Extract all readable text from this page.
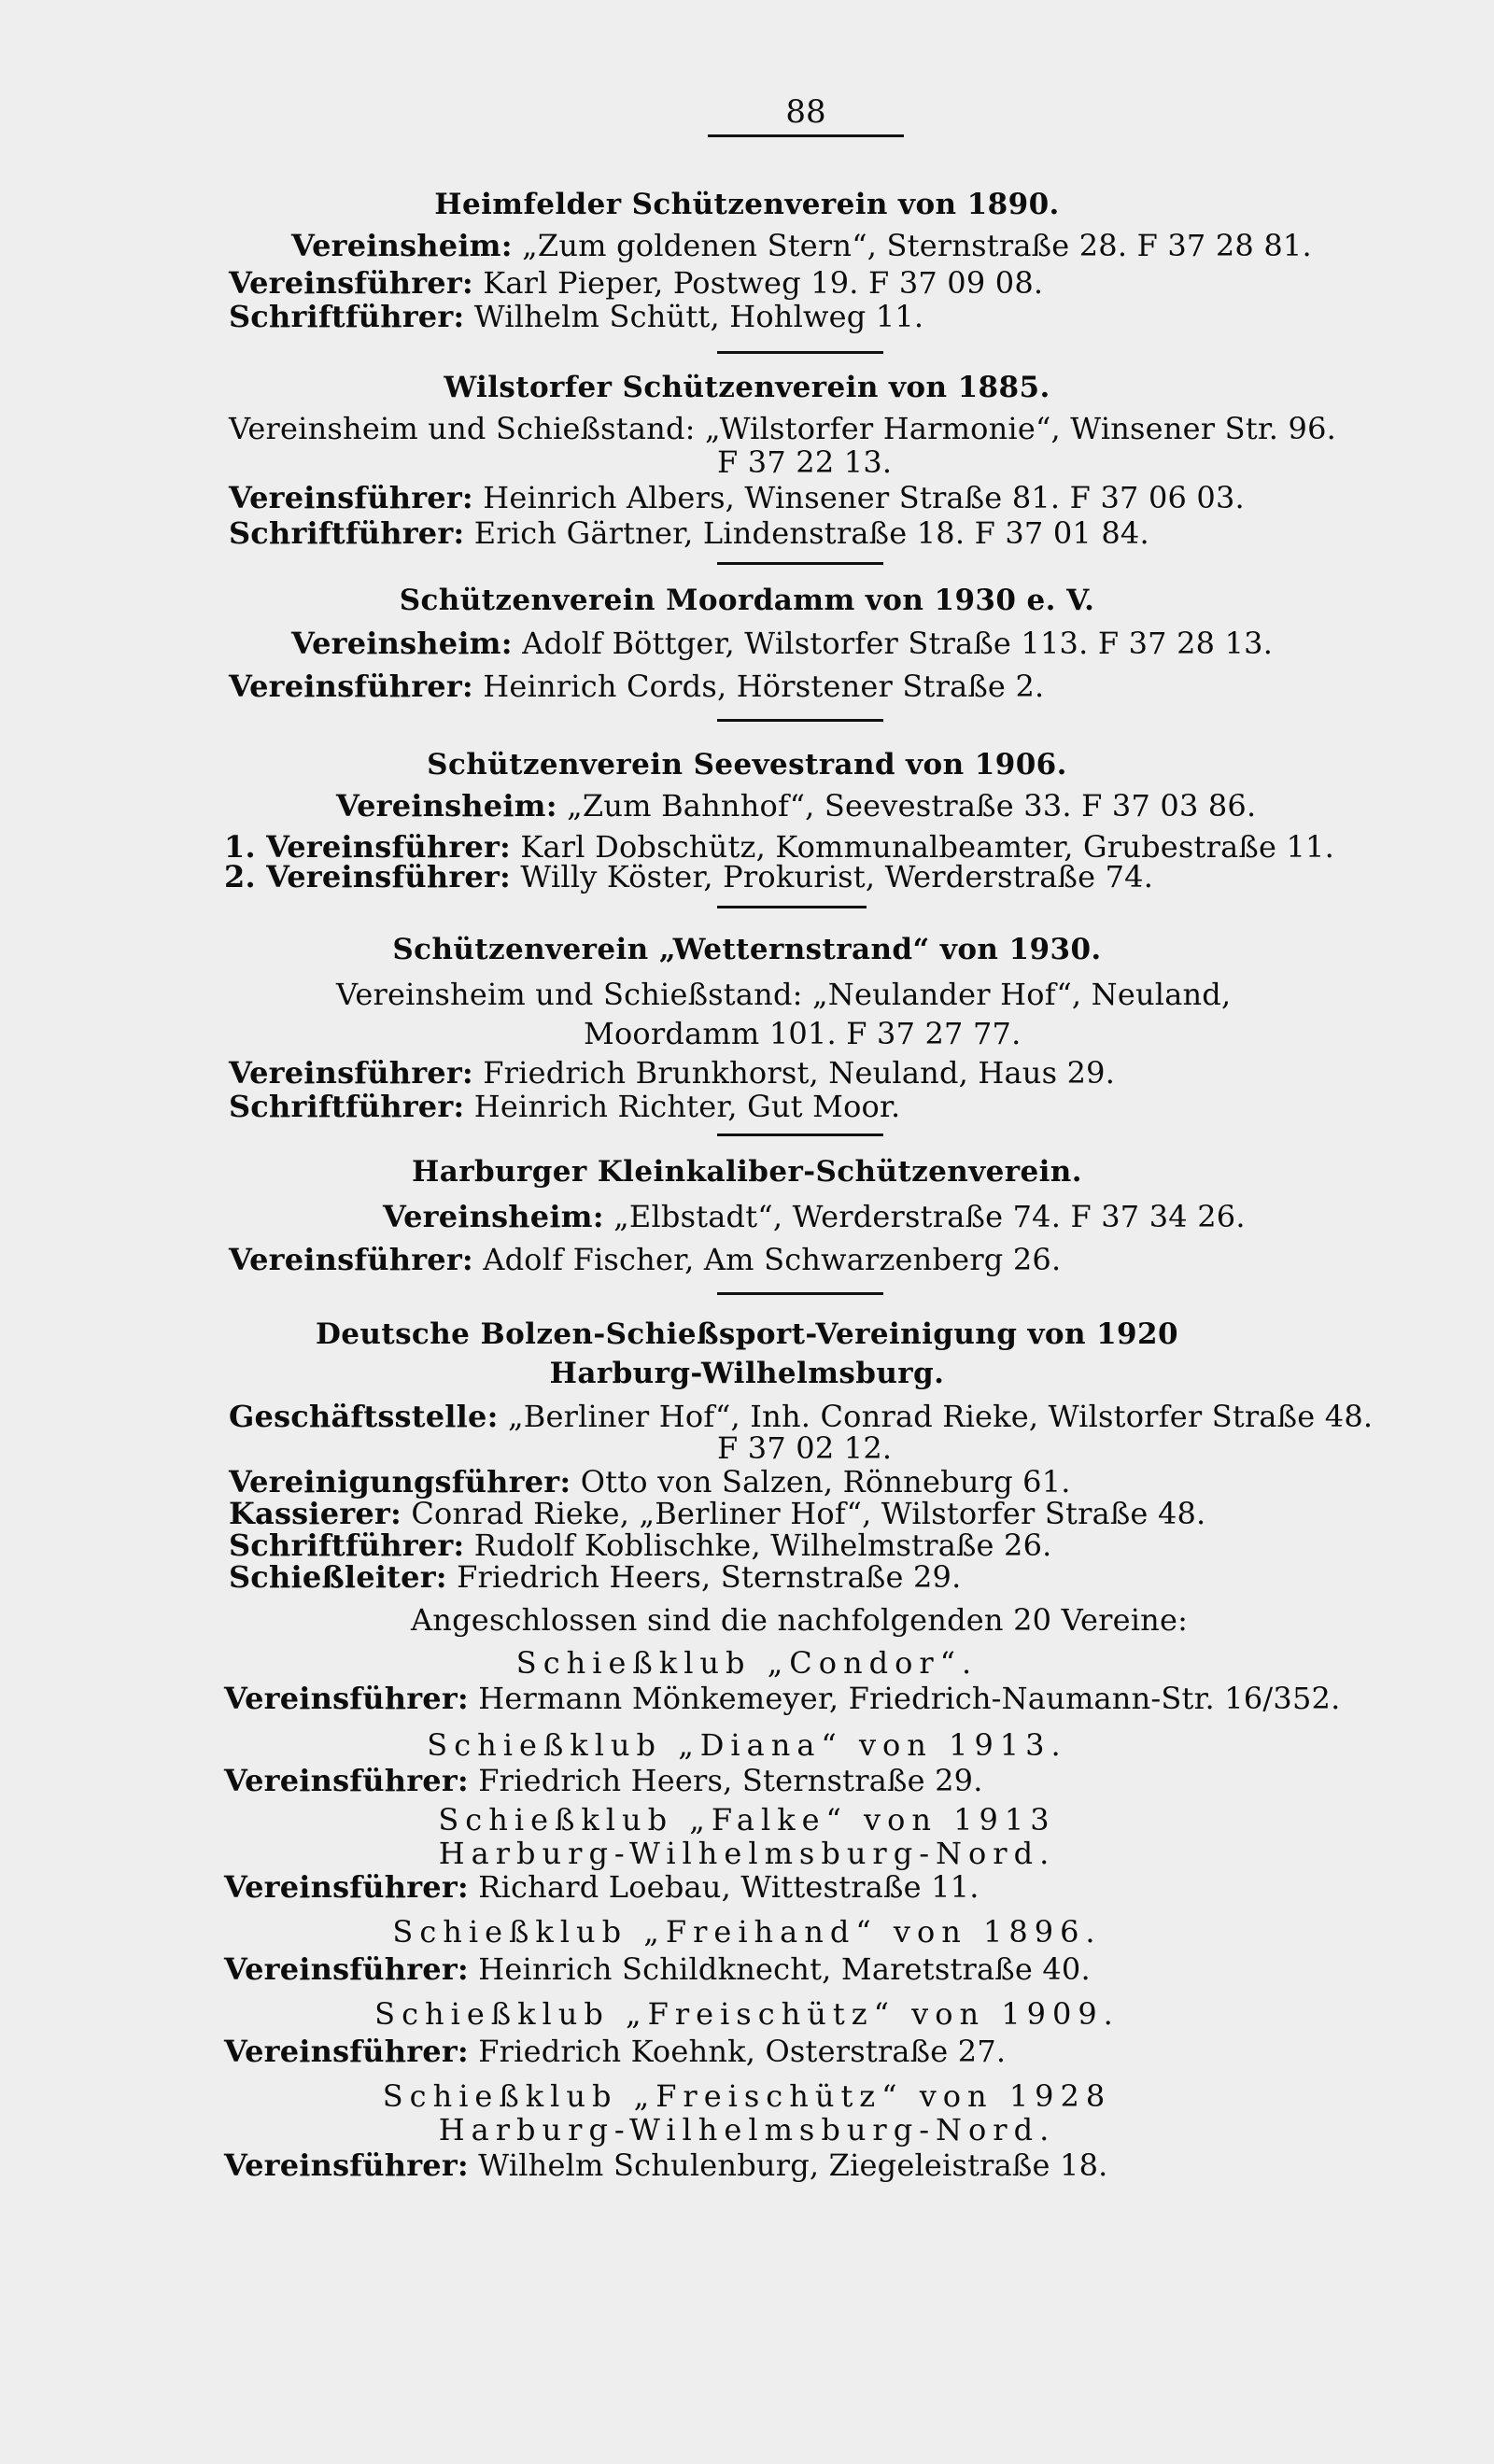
88
Heimfelder Schützenverein von 1890.
Vereinsheim: „Zum goldenen Stern“, Sternstraße 28. F 37 28 81.
Vereinsführer: Karl Pieper, Postweg 19. F 37 09 08.
Schriftführer: Wilhelm Schütt, Hohlweg 11.
Wilstorfer Schützenverein von 1885.
Vereinsheim und Schießstand: „Wilstorfer Harmonie“, Winsener Str. 96.
F 37 22 13.
Vereinsführer: Heinrich Albers, Winsener Straße 81. F 37 06 03.
Schriftführer: Erich Gärtner, Lindenstraße 18. F 37 01 84.
Schützenverein Moordamm von 1930 e. V.
Vereinsheim: Adolf Böttger, Wilstorfer Straße 113. F 37 28 13.
Vereinsführer: Heinrich Cords, Hörstener Straße 2.
Schützenverein Seevestrand von 1906.
Vereinsheim: „Zum Bahnhof“, Seevestraße 33. F 37 03 86.
1. Vereinsführer: Karl Dobschütz, Kommunalbeamter, Grubestraße 11.
2. Vereinsführer: Willy Köster, Prokurist, Werderstraße 74.
Schützenverein „Wetternstrand“ von 1930.
Vereinsheim und Schießstand: „Neulander Hof“, Neuland,
Moordamm 101. F 37 27 77.
Vereinsführer: Friedrich Brunkhorst, Neuland, Haus 29.
Schriftführer: Heinrich Richter, Gut Moor.
Harburger Kleinkaliber-Schützenverein.
Vereinsheim: „Elbstadt“, Werderstraße 74. F 37 34 26.
Vereinsführer: Adolf Fischer, Am Schwarzenberg 26.
Deutsche Bolzen-Schießsport-Vereinigung von 1920
Harburg-Wilhelmsburg.
Geschäftsstelle: „Berliner Hof“, Inh. Conrad Rieke, Wilstorfer Straße 48.
F 37 02 12.
Vereinigungsführer: Otto von Salzen, Rönneburg 61.
Kassierer: Conrad Rieke, „Berliner Hof“, Wilstorfer Straße 48.
Schriftführer: Rudolf Koblischke, Wilhelmstraße 26.
Schießleiter: Friedrich Heers, Sternstraße 29.
Angeschlossen sind die nachfolgenden 20 Vereine:
Schießklub „Condor“.
Vereinsführer: Hermann Mönkemeyer, Friedrich-Naumann-Str. 16/352.
Schießklub „Diana“ von 1913.
Vereinsführer: Friedrich Heers, Sternstraße 29.
Schießklub „Falke“ von 1913
Harburg-Wilhelmsburg-Nord.
Vereinsführer: Richard Loebau, Wittestraße 11.
Schießklub „Freihand“ von 1896.
Vereinsführer: Heinrich Schildknecht, Maretstraße 40.
Schießklub „Freischütz“ von 1909.
Vereinsführer: Friedrich Koehnk, Osterstraße 27.
Schießklub „Freischütz“ von 1928
Harburg-Wilhelmsburg-Nord.
Vereinsführer: Wilhelm Schulenburg, Ziegeleistraße 18.
